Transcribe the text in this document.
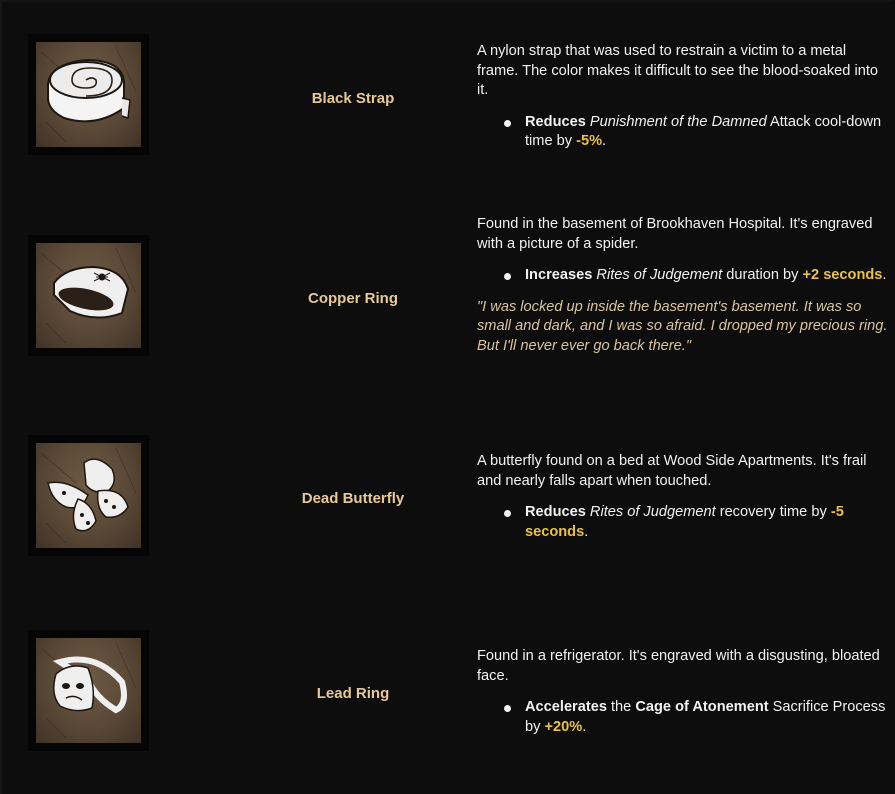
Black Strap

A nylon strap that was used to restrain a victim to a metal frame. The color makes it difficult to see the blood-soaked into it.

Reduces Punishment of the Damned Attack cool-down time by -5%.
Copper Ring

Found in the basement of Brookhaven Hospital. It's engraved with a picture of a spider.

Increases Rites of Judgement duration by +2 seconds.

"I was locked up inside the basement's basement. It was so small and dark, and I was so afraid. I dropped my precious ring. But I'll never ever go back there."

Dead Butterfly

A butterfly found on a bed at Wood Side Apartments. It's frail and nearly falls apart when touched.

Reduces Rites of Judgement recovery time by -5 seconds.
Lead Ring

Found in a refrigerator. It's engraved with a disgusting, bloated face.

Accelerates the Cage of Atonement Sacrifice Process by +20%.
